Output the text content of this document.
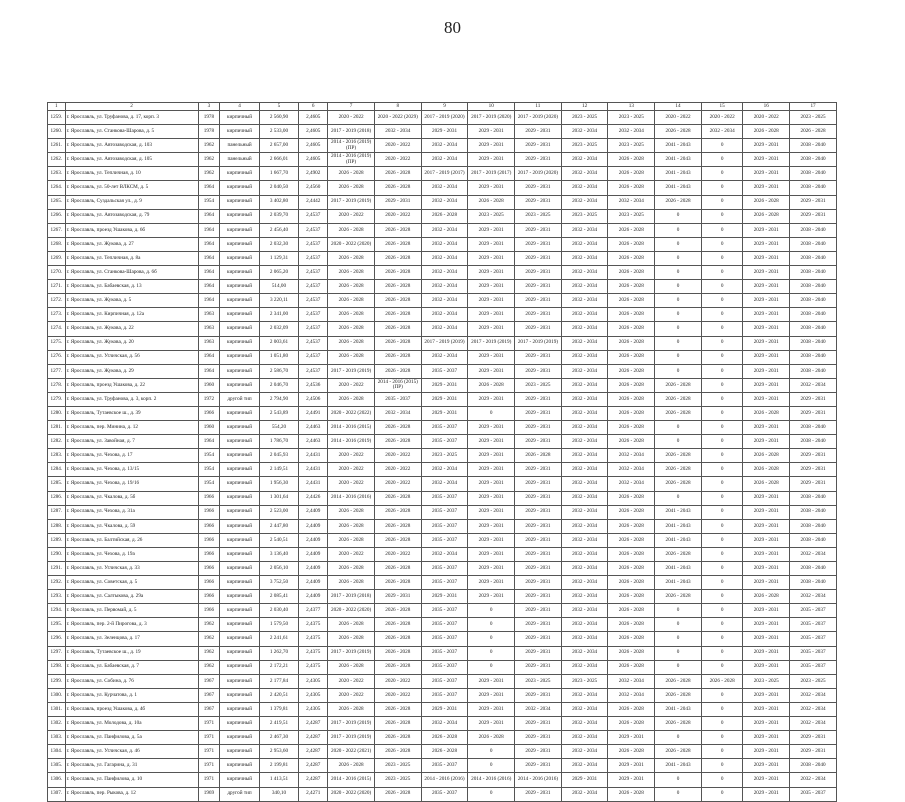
80
1	2	3	4	5	6	7	8	9	10	11	12	13	14	15	16	17
1259.	г. Ярославль, ул. Труфанова, д. 17, корп. 3	1978	кирпичный	2 560,90	2,4605	2020 - 2022	2020 - 2022 (2029)	2017 - 2019 (2020)	2017 - 2019 (2020)	2017 - 2019 (2020)	2023 - 2025	2023 - 2025	2020 - 2022	2020 - 2022	2020 - 2022	2023 - 2025
1260.	г. Ярославль, ул. Станкова-Шарова, д. 5	1978	кирпичный	2 533,00	2,4605	2017 - 2019 (2018)	2032 - 2034	2029 - 2031	2029 - 2031	2029 - 2031	2032 - 2034	2032 - 2034	2026 - 2028	2032 - 2034	2026 - 2028	2026 - 2028
1261.	г. Ярославль, ул. Автозаводская, д. 103	1962	панельный	2 657,00	2,4605	2014 - 2016 (2019)(ПР)	2020 - 2022	2032 - 2034	2029 - 2031	2029 - 2031	2023 - 2025	2023 - 2025	2041 - 2043	0	2029 - 2031	2038 - 2040
1262.	г. Ярославль, ул. Автозаводская, д. 105	1962	панельный	2 666,01	2,4605	2014 - 2016 (2019)(ПР)	2020 - 2022	2032 - 2034	2029 - 2031	2029 - 2031	2032 - 2034	2026 - 2028	2041 - 2043	0	2029 - 2031	2038 - 2040
1263.	г. Ярославль, ул. Тепличная, д. 10	1962	кирпичный	1 667,70	2,4902	2026 - 2028	2026 - 2028	2017 - 2019 (2017)	2017 - 2019 (2017)	2017 - 2019 (2020)	2032 - 2034	2026 - 2028	2041 - 2043	0	2029 - 2031	2038 - 2040
1264.	г. Ярославль, ул. 50-лет ВЛКСМ, д. 5	1964	кирпичный	2 040,50	2,4560	2026 - 2028	2026 - 2028	2032 - 2034	2029 - 2031	2029 - 2031	2032 - 2034	2026 - 2028	2041 - 2043	0	2029 - 2031	2038 - 2040
1265.	г. Ярославль, Суздальская ул., д. 9	1954	кирпичный	3 402,80	2,4442	2017 - 2019 (2019)	2029 - 2031	2032 - 2034	2026 - 2028	2029 - 2031	2032 - 2034	2032 - 2034	2026 - 2028	0	2026 - 2028	2029 - 2031
1266.	г. Ярославль, ул. Автозаводская, д. 79	1964	кирпичный	2 039,70	2,4537	2020 - 2022	2020 - 2022	2026 - 2028	2023 - 2025	2023 - 2025	2023 - 2025	2023 - 2025	0	0	2026 - 2028	2029 - 2031
1267.	г. Ярославль, проезд Ушакова, д. 6б	1964	кирпичный	2 456,40	2,4537	2026 - 2028	2026 - 2028	2032 - 2034	2029 - 2031	2029 - 2031	2032 - 2034	2026 - 2028	0	0	2029 - 2031	2038 - 2040
1268.	г. Ярославль, ул. Жукова, д. 27	1964	кирпичный	2 032,30	2,4537	2020 - 2022 (2020)	2026 - 2028	2032 - 2034	2029 - 2031	2029 - 2031	2032 - 2034	2026 - 2028	0	0	2029 - 2031	2038 - 2040
1269.	г. Ярославль, ул. Тепличная, д. 8а	1964	кирпичный	1 129,31	2,4537	2026 - 2028	2026 - 2028	2032 - 2034	2029 - 2031	2029 - 2031	2032 - 2034	2026 - 2028	0	0	2029 - 2031	2038 - 2040
1270.	г. Ярославль, ул. Станкова-Шарова, д. 6б	1964	кирпичный	2 065,20	2,4537	2026 - 2028	2026 - 2028	2032 - 2034	2029 - 2031	2029 - 2031	2032 - 2034	2026 - 2028	0	0	2029 - 2031	2038 - 2040
1271.	г. Ярославль, ул. Бабаевская, д. 13	1964	кирпичный	514,00	2,4537	2026 - 2028	2026 - 2028	2032 - 2034	2029 - 2031	2029 - 2031	2032 - 2034	2026 - 2028	0	0	2029 - 2031	2038 - 2040
1272.	г. Ярославль, ул. Жукова, д. 5	1964	кирпичный	3 220,11	2,4537	2026 - 2028	2026 - 2028	2032 - 2034	2029 - 2031	2029 - 2031	2032 - 2034	2026 - 2028	0	0	2029 - 2031	2038 - 2040
1273.	г. Ярославль, ул. Кирпичная, д. 12а	1963	кирпичный	2 341,00	2,4537	2026 - 2028	2026 - 2028	2032 - 2034	2029 - 2031	2029 - 2031	2032 - 2034	2026 - 2028	0	0	2029 - 2031	2038 - 2040
1274.	г. Ярославль, ул. Жукова, д. 22	1963	кирпичный	2 032,09	2,4537	2026 - 2028	2026 - 2028	2032 - 2034	2029 - 2031	2029 - 2031	2032 - 2034	2026 - 2028	0	0	2029 - 2031	2038 - 2040
1275.	г. Ярославль, ул. Жукова, д. 20	1963	кирпичный	2 003,61	2,4537	2026 - 2028	2026 - 2028	2017 - 2019 (2019)	2017 - 2019 (2019)	2017 - 2019 (2019)	2032 - 2034	2026 - 2028	0	0	2029 - 2031	2038 - 2040
1276.	г. Ярославль, ул. Угличская, д. 56	1964	кирпичный	1 051,80	2,4537	2026 - 2028	2026 - 2028	2032 - 2034	2029 - 2031	2029 - 2031	2032 - 2034	2026 - 2028	0	0	2029 - 2031	2038 - 2040
1277.	г. Ярославль, ул. Жукова, д. 29	1964	кирпичный	2 586,70	2,4537	2017 - 2019 (2019)	2026 - 2028	2035 - 2037	2029 - 2031	2029 - 2031	2032 - 2034	2026 - 2028	0	0	2029 - 2031	2038 - 2040
1278.	г. Ярославль, проезд Ушакова, д. 22	1960	кирпичный	2 046,70	2,4536	2020 - 2022	2014 - 2016 (2015)(ПР)	2029 - 2031	2026 - 2028	2023 - 2025	2032 - 2034	2026 - 2028	2026 - 2028	0	2029 - 2031	2032 - 2034
1279.	г. Ярославль, ул. Труфанова, д. 3, корп. 2	1972	другой тип	2 794,90	2,4506	2026 - 2028	2035 - 2037	2029 - 2031	2029 - 2031	2029 - 2031	2032 - 2034	2026 - 2028	2026 - 2028	0	2029 - 2031	2029 - 2031
1280.	г. Ярославль, Тутаевское ш., д. 39	1966	кирпичный	2 543,89	2,4491	2020 - 2022 (2022)	2032 - 2034	2029 - 2031	0	2029 - 2031	2032 - 2034	2026 - 2028	2026 - 2028	0	2026 - 2028	2029 - 2031
1281.	г. Ярославль, пер. Минина, д. 12	1960	кирпичный	554,20	2,4463	2014 - 2016 (2015)	2026 - 2028	2035 - 2037	2029 - 2031	2029 - 2031	2032 - 2034	2026 - 2028	0	0	2029 - 2031	2038 - 2040
1282.	г. Ярославль, ул. Завойная, д. 7	1964	кирпичный	1 786,70	2,4463	2014 - 2016 (2019)	2026 - 2028	2035 - 2037	2029 - 2031	2029 - 2031	2032 - 2034	2026 - 2028	0	0	2029 - 2031	2038 - 2040
1283.	г. Ярославль, ул. Чехова, д. 17	1954	кирпичный	2 045,93	2,4431	2020 - 2022	2020 - 2022	2023 - 2025	2029 - 2031	2026 - 2028	2032 - 2034	2032 - 2034	2026 - 2028	0	2026 - 2028	2029 - 2031
1284.	г. Ярославль, ул. Чехова, д. 13/15	1954	кирпичный	2 149,51	2,4431	2020 - 2022	2020 - 2022	2032 - 2034	2029 - 2031	2029 - 2031	2032 - 2034	2032 - 2034	2026 - 2028	0	2026 - 2028	2029 - 2031
1285.	г. Ярославль, ул. Чехова, д. 19/16	1954	кирпичный	1 956,30	2,4431	2020 - 2022	2020 - 2022	2032 - 2034	2029 - 2031	2029 - 2031	2032 - 2034	2032 - 2034	2026 - 2028	0	2026 - 2028	2029 - 2031
1286.	г. Ярославль, ул. Чкалова, д. 5б	1966	кирпичный	1 301,64	2,4426	2014 - 2016 (2016)	2026 - 2028	2035 - 2037	2029 - 2031	2029 - 2031	2032 - 2034	2026 - 2028	0	0	2029 - 2031	2038 - 2040
1287.	г. Ярославль, ул. Чехова, д. 31а	1966	кирпичный	2 523,00	2,4409	2026 - 2028	2026 - 2028	2035 - 2037	2029 - 2031	2029 - 2031	2032 - 2034	2026 - 2028	2041 - 2043	0	2029 - 2031	2038 - 2040
1288.	г. Ярославль, ул. Чкалова, д. 59	1966	кирпичный	2 447,80	2,4409	2026 - 2028	2026 - 2028	2035 - 2037	2029 - 2031	2029 - 2031	2032 - 2034	2026 - 2028	2041 - 2043	0	2029 - 2031	2038 - 2040
1289.	г. Ярославль, ул. Балтийская, д. 26	1966	кирпичный	2 540,51	2,4409	2026 - 2028	2026 - 2028	2035 - 2037	2029 - 2031	2029 - 2031	2032 - 2034	2026 - 2028	2041 - 2043	0	2029 - 2031	2038 - 2040
1290.	г. Ярославль, ул. Чехова, д. 19а	1966	кирпичный	3 136,40	2,4409	2020 - 2022	2020 - 2022	2032 - 2034	2029 - 2031	2029 - 2031	2032 - 2034	2026 - 2028	2026 - 2028	0	2029 - 2031	2032 - 2034
1291.	г. Ярославль, ул. Угличская, д. 33	1966	кирпичный	2 056,10	2,4409	2026 - 2028	2026 - 2028	2035 - 2037	2029 - 2031	2029 - 2031	2032 - 2034	2026 - 2028	2041 - 2043	0	2029 - 2031	2038 - 2040
1292.	г. Ярославль, ул. Советская, д. 5	1966	кирпичный	3 752,50	2,4409	2026 - 2028	2026 - 2028	2035 - 2037	2029 - 2031	2029 - 2031	2032 - 2034	2026 - 2028	2041 - 2043	0	2029 - 2031	2038 - 2040
1293.	г. Ярославль, ул. Салтыкова, д. 29а	1966	кирпичный	2 085,41	2,4409	2017 - 2019 (2018)	2029 - 2031	2029 - 2031	2029 - 2031	2029 - 2031	2032 - 2034	2026 - 2028	2026 - 2028	0	2026 - 2028	2032 - 2034
1294.	г. Ярославль, ул. Первомай, д. 5	1966	кирпичный	2 030,40	2,4377	2020 - 2022 (2020)	2026 - 2028	2035 - 2037	0	2029 - 2031	2032 - 2034	2026 - 2028	0	0	2029 - 2031	2035 - 2037
1295.	г. Ярославль, пер. 2-й Пирогова, д. 3	1962	кирпичный	1 579,50	2,4375	2026 - 2028	2026 - 2028	2035 - 2037	0	2029 - 2031	2032 - 2034	2026 - 2028	0	0	2029 - 2031	2035 - 2037
1296.	г. Ярославль, ул. Зеленцова, д. 17	1962	кирпичный	2 241,61	2,4375	2026 - 2028	2026 - 2028	2035 - 2037	0	2029 - 2031	2032 - 2034	2026 - 2028	0	0	2029 - 2031	2035 - 2037
1297.	г. Ярославль, Тутаевское ш., д. 19	1962	кирпичный	1 262,70	2,4375	2017 - 2019 (2019)	2026 - 2028	2035 - 2037	0	2029 - 2031	2032 - 2034	2026 - 2028	0	0	2029 - 2031	2035 - 2037
1298.	г. Ярославль, ул. Бабаевская, д. 7	1962	кирпичный	2 172,21	2,4375	2026 - 2028	2026 - 2028	2035 - 2037	0	2029 - 2031	2032 - 2034	2026 - 2028	0	0	2029 - 2031	2035 - 2037
1299.	г. Ярославль, ул. Собина, д. 76	1967	кирпичный	2 177,84	2,4305	2020 - 2022	2020 - 2022	2035 - 2037	2029 - 2031	2023 - 2025	2023 - 2025	2032 - 2034	2026 - 2028	2026 - 2028	2023 - 2025	2023 - 2025
1300.	г. Ярославль, ул. Курчатова, д. 1	1967	кирпичный	2 420,51	2,4305	2020 - 2022	2020 - 2022	2035 - 2037	2029 - 2031	2029 - 2031	2032 - 2034	2032 - 2034	2026 - 2028	0	2029 - 2031	2032 - 2034
1301.	г. Ярославль, проезд Ушакова, д. 4б	1967	кирпичный	1 379,81	2,4305	2026 - 2028	2026 - 2028	2029 - 2031	2029 - 2031	2032 - 2034	2032 - 2034	2026 - 2028	2041 - 2043	0	2029 - 2031	2032 - 2034
1302.	г. Ярославль, ул. Молодова, д. 10а	1971	кирпичный	2 419,51	2,4287	2017 - 2019 (2019)	2026 - 2028	2032 - 2034	2029 - 2031	2029 - 2031	2032 - 2034	2026 - 2028	2026 - 2028	0	2029 - 2031	2032 - 2034
1303.	г. Ярославль, ул. Панфилова, д. 5а	1971	кирпичный	2 467,30	2,4287	2017 - 2019 (2019)	2026 - 2028	2026 - 2028	2026 - 2028	2029 - 2031	2032 - 2034	2029 - 2031	0	0	2029 - 2031	2029 - 2031
1304.	г. Ярославль, ул. Угличская, д. 46	1971	кирпичный	2 953,60	2,4287	2020 - 2022 (2021)	2026 - 2028	2026 - 2028	0	2029 - 2031	2032 - 2034	2026 - 2028	2026 - 2028	0	2029 - 2031	2029 - 2031
1305.	г. Ярославль, ул. Гагарина, д. 31	1971	кирпичный	2 199,81	2,4287	2026 - 2028	2023 - 2025	2035 - 2037	0	2029 - 2031	2032 - 2034	2029 - 2031	2041 - 2043	0	2029 - 2031	2038 - 2040
1306.	г. Ярославль, ул. Панфилова, д. 10	1971	кирпичный	1 413,51	2,4287	2014 - 2016 (2015)	2023 - 2025	2014 - 2016 (2016)	2014 - 2016 (2016)	2014 - 2016 (2016)	2029 - 2031	2029 - 2031	0	0	2029 - 2031	2032 - 2034
1307.	г. Ярославль, пер. Рыкова, д. 12	1969	другой тип	340,10	2,4271	2020 - 2022 (2020)	2026 - 2028	2035 - 2037	0	2029 - 2031	2032 - 2034	2026 - 2028	0	0	2029 - 2031	2035 - 2037
